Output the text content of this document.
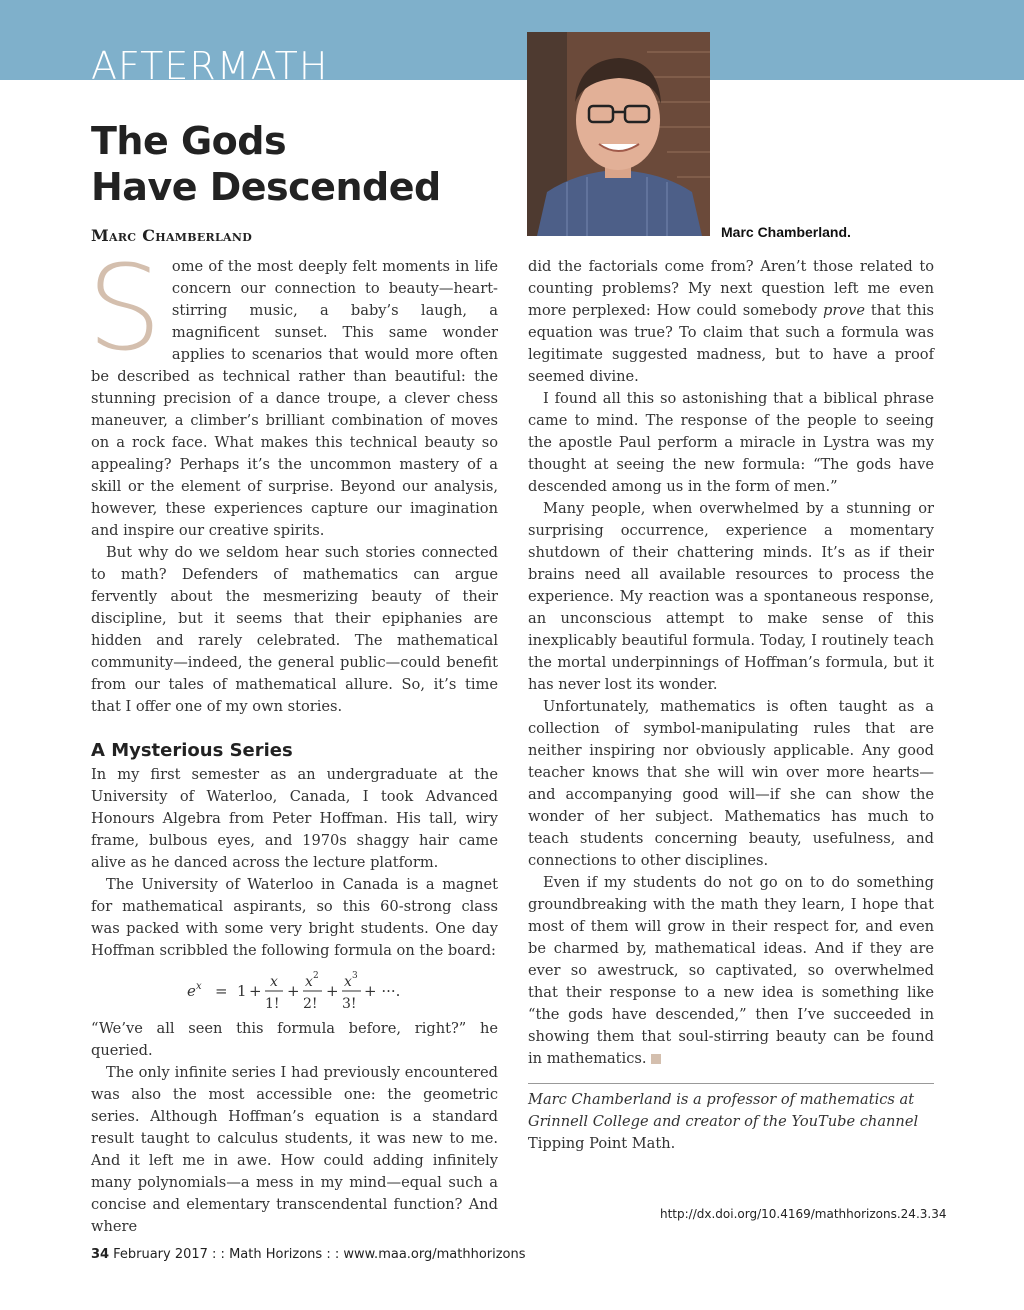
AFTERMATH
Marc Chamberland.
The Gods
Have Descended
Marc Chamberland

Some of the most deeply felt moments in life concern our connection to beauty—heart-stirring music, a baby’s laugh, a magnificent sunset. This same wonder applies to scenarios that would more often be described as technical rather than beautiful: the stunning precision of a dance troupe, a clever chess maneuver, a climber’s brilliant combination of moves on a rock face. What makes this technical beauty so appealing? Perhaps it’s the uncommon mastery of a skill or the element of surprise. Beyond our analysis, however, these experiences capture our imagination and inspire our creative spirits.

But why do we seldom hear such stories connected to math? Defenders of mathematics can argue fervently about the mesmerizing beauty of their discipline, but it seems that their epiphanies are hidden and rarely celebrated. The mathematical community—indeed, the general public—could benefit from our tales of mathematical allure. So, it’s time that I offer one of my own stories.

A Mysterious Series

In my first semester as an undergraduate at the University of Waterloo, Canada, I took Advanced Honours Algebra from Peter Hoffman. His tall, wiry frame, bulbous eyes, and 1970s shaggy hair came alive as he danced across the lecture platform.

The University of Waterloo in Canada is a magnet for mathematical aspirants, so this 60-strong class was packed with some very bright students. One day Hoffman scribbled the following formula on the board:

e x = 1 + x
1!
+ x 2
2!
+ x 3
3!
+ ···.

“We’ve all seen this formula before, right?” he queried.

The only infinite series I had previously encountered was also the most accessible one: the geometric series. Although Hoffman’s equation is a standard result taught to calculus students, it was new to me. And it left me in awe. How could adding infinitely many polynomials—a mess in my mind—equal such a concise and elementary transcendental function? And where

did the factorials come from? Aren’t those related to counting problems? My next question left me even more perplexed: How could somebody prove that this equation was true? To claim that such a formula was legitimate suggested madness, but to have a proof seemed divine.

I found all this so astonishing that a biblical phrase came to mind. The response of the people to seeing the apostle Paul perform a miracle in Lystra was my thought at seeing the new formula: “The gods have descended among us in the form of men.”

Many people, when overwhelmed by a stunning or surprising occurrence, experience a momentary shutdown of their chattering minds. It’s as if their brains need all available resources to process the experience. My reaction was a spontaneous response, an unconscious attempt to make sense of this inexplicably beautiful formula. Today, I routinely teach the mortal underpinnings of Hoffman’s formula, but it has never lost its wonder.

Unfortunately, mathematics is often taught as a collection of symbol-manipulating rules that are neither inspiring nor obviously applicable. Any good teacher knows that she will win over more hearts—and accompanying good will—if she can show the wonder of her subject. Mathematics has much to teach students concerning beauty, usefulness, and connections to other disciplines.

Even if my students do not go on to do something groundbreaking with the math they learn, I hope that most of them will grow in their respect for, and even be charmed by, mathematical ideas. And if they are ever so awestruck, so captivated, so overwhelmed that their response to a new idea is something like “the gods have descended,” then I’ve succeeded in showing them that soul-stirring beauty can be found in mathematics.

Marc Chamberland is a professor of mathematics at Grinnell College and creator of the YouTube channel Tipping Point Math.

http://dx.doi.org/10.4169/mathhorizons.24.3.34
34 February 2017 : : Math Horizons : : www.maa.org/mathhorizons
